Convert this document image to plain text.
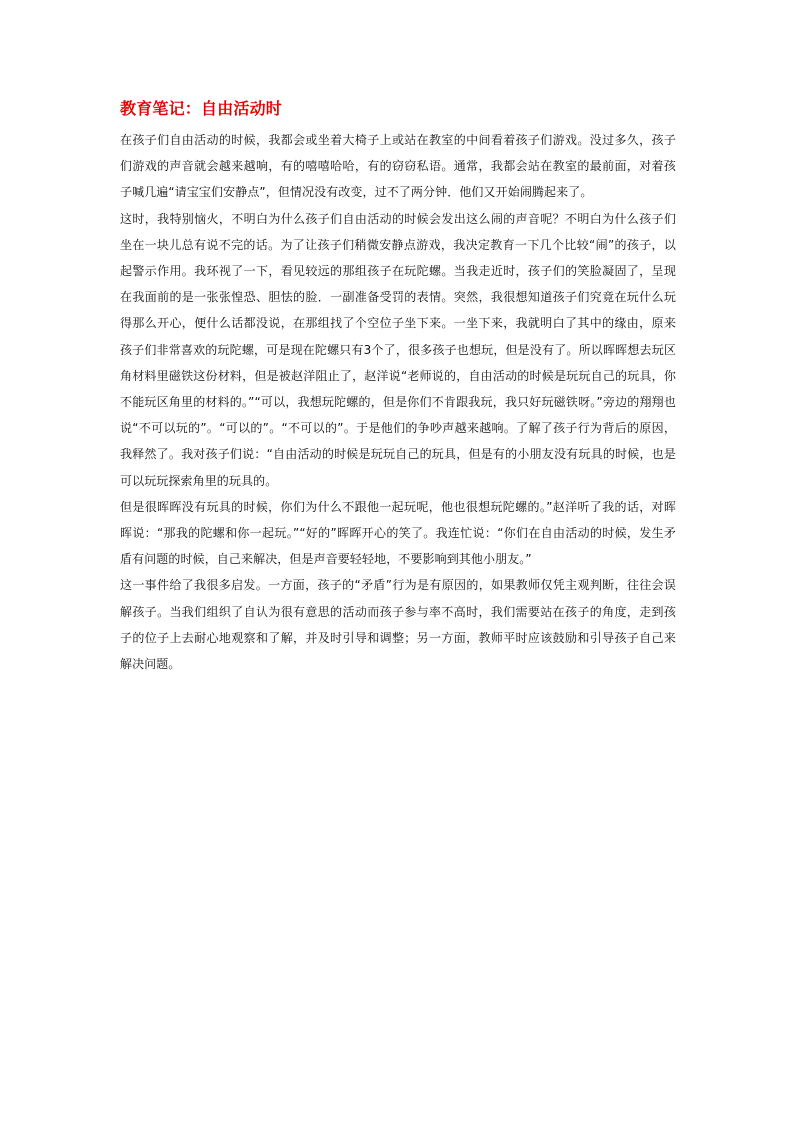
教育笔记：自由活动时

在孩子们自由活动的时候，我都会或坐着大椅子上或站在教室的中间看着孩子们游戏。没过多久，孩子们游戏的声音就会越来越响，有的嘻嘻哈哈，有的窃窃私语。通常，我都会站在教室的最前面，对着孩子喊几遍“请宝宝们安静点”，但情况没有改变，过不了两分钟．他们又开始闹腾起来了。

这时，我特别恼火，不明白为什么孩子们自由活动的时候会发出这么闹的声音呢？不明白为什么孩子们坐在一块儿总有说不完的话。为了让孩子们稍微安静点游戏，我决定教育一下几个比较“闹”的孩子，以起警示作用。我环视了一下，看见较远的那组孩子在玩陀螺。当我走近时，孩子们的笑脸凝固了，呈现在我面前的是一张张惶恐、胆怯的脸．一副准备受罚的表情。突然，我很想知道孩子们究竟在玩什么玩得那么开心，便什么话都没说，在那组找了个空位子坐下来。一坐下来，我就明白了其中的缘由，原来孩子们非常喜欢的玩陀螺，可是现在陀螺只有3个了，很多孩子也想玩，但是没有了。所以晖晖想去玩区角材料里磁铁这份材料，但是被赵洋阻止了，赵洋说“老师说的，自由活动的时候是玩玩自己的玩具，你不能玩区角里的材料的。”“可以，我想玩陀螺的，但是你们不肯跟我玩，我只好玩磁铁呀。”旁边的翔翔也说“不可以玩的”。“可以的”。“不可以的”。于是他们的争吵声越来越响。了解了孩子行为背后的原因，我释然了。我对孩子们说：“自由活动的时候是玩玩自己的玩具，但是有的小朋友没有玩具的时候，也是可以玩玩探索角里的玩具的。

但是很晖晖没有玩具的时候，你们为什么不跟他一起玩呢，他也很想玩陀螺的。”赵洋听了我的话，对晖晖说：“那我的陀螺和你一起玩。”“好的”晖晖开心的笑了。我连忙说：“你们在自由活动的时候，发生矛盾有问题的时候，自己来解决，但是声音要轻轻地，不要影响到其他小朋友。”

这一事件给了我很多启发。一方面，孩子的“矛盾”行为是有原因的，如果教师仅凭主观判断，往往会误解孩子。当我们组织了自认为很有意思的活动而孩子参与率不高时，我们需要站在孩子的角度，走到孩子的位子上去耐心地观察和了解，并及时引导和调整；另一方面，教师平时应该鼓励和引导孩子自己来解决问题。
